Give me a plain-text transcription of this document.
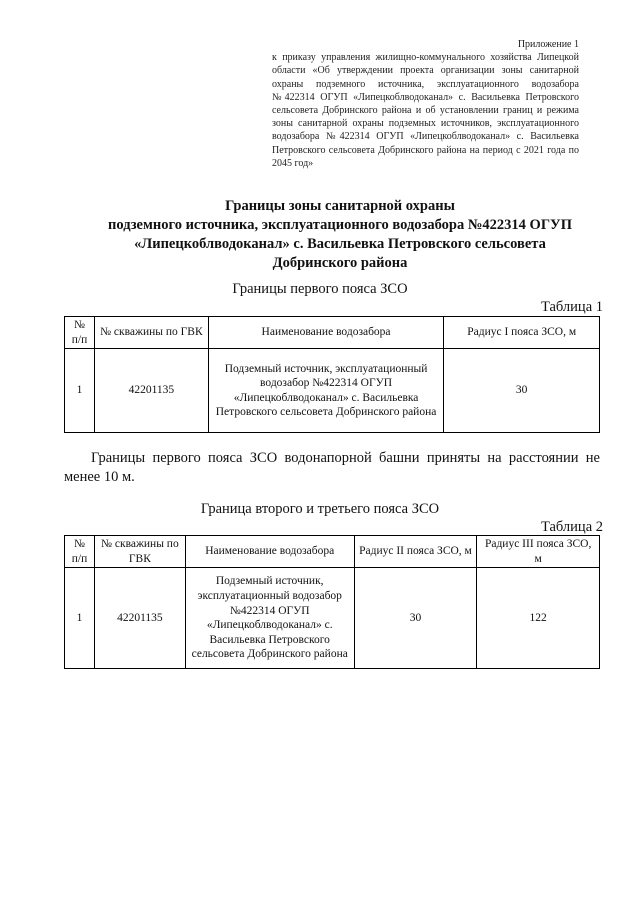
Приложение 1
к приказу управления жилищно-коммунального хозяйства Липецкой области «Об утверждении проекта организации зоны санитарной охраны подземного источника, эксплуатационного водозабора №422314 ОГУП «Липецкоблводоканал» с. Васильевка Петровского сельсовета Добринского района и об установлении границ и режима зоны санитарной охраны подземных источников, эксплуатационного водозабора №422314 ОГУП «Липецкоблводоканал» с. Васильевка Петровского сельсовета Добринского района на период с 2021 года по 2045 год»
Границы зоны санитарной охраны
подземного источника, эксплуатационного водозабора №422314 ОГУП
«Липецкоблводоканал» с. Васильевка Петровского сельсовета
Добринского района
Границы первого пояса ЗСО
Таблица 1
№ п/п	№ скважины по ГВК	Наименование водозабора	Радиус I пояса ЗСО, м
1	42201135	Подземный источник, эксплуатационный водозабор №422314 ОГУП «Липецкоблводоканал» с. Васильевка Петровского сельсовета Добринского района	30
Границы первого пояса ЗСО водонапорной башни приняты на расстоянии не менее 10 м.
Граница второго и третьего пояса ЗСО
Таблица 2
№ п/п	№ скважины по ГВК	Наименование водозабора	Радиус II пояса ЗСО, м	Радиус III пояса ЗСО, м
1	42201135	Подземный источник, эксплуатационный водозабор №422314 ОГУП «Липецкоблводоканал» с. Васильевка Петровского сельсовета Добринского района	30	122
